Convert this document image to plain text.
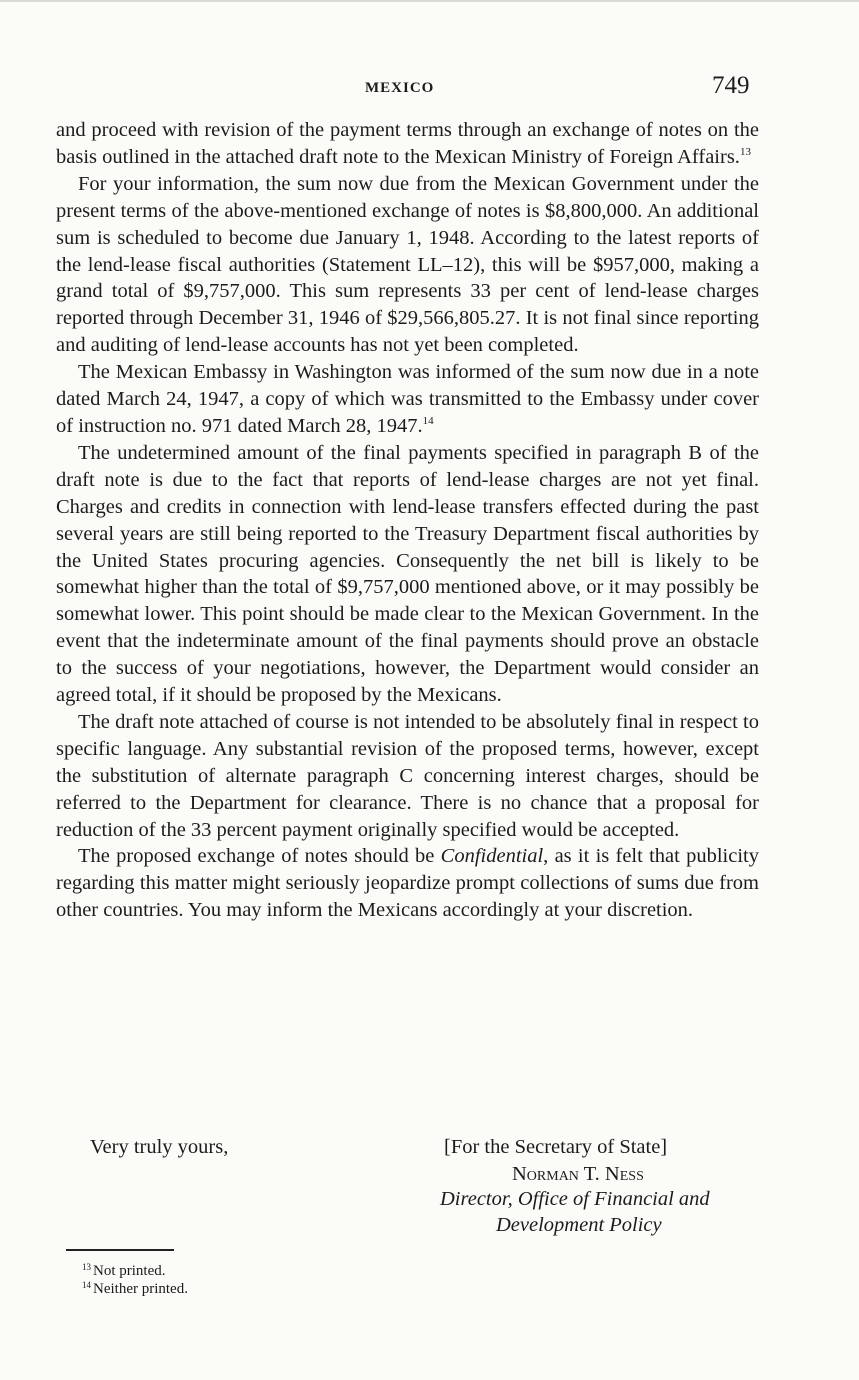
MEXICO	749

and proceed with revision of the payment terms through an exchange of notes on the basis outlined in the attached draft note to the Mexican Ministry of Foreign Affairs.$^{13}$

For your information, the sum now due from the Mexican Government under the present terms of the above-mentioned exchange of notes is $8,800,000. An additional sum is scheduled to become due January 1, 1948. According to the latest reports of the lend-lease fiscal authorities (Statement LL–12), this will be $957,000, making a grand total of $9,757,000. This sum represents 33 per cent of lend-lease charges reported through December 31, 1946 of $29,566,805.27. It is not final since reporting and auditing of lend-lease accounts has not yet been completed.

The Mexican Embassy in Washington was informed of the sum now due in a note dated March 24, 1947, a copy of which was transmitted to the Embassy under cover of instruction no. 971 dated March 28, 1947.14

The undetermined amount of the final payments specified in paragraph B of the draft note is due to the fact that reports of lend-lease charges are not yet final. Charges and credits in connection with lend-lease transfers effected during the past several years are still being reported to the Treasury Department fiscal authorities by the United States procuring agencies. Consequently the net bill is likely to be somewhat higher than the total of $9,757,000 mentioned above, or it may possibly be somewhat lower. This point should be made clear to the Mexican Government. In the event that the indeterminate amount of the final payments should prove an obstacle to the success of your negotiations, however, the Department would consider an agreed total, if it should be proposed by the Mexicans.

The draft note attached of course is not intended to be absolutely final in respect to specific language. Any substantial revision of the proposed terms, however, except the substitution of alternate paragraph C concerning interest charges, should be referred to the Department for clearance. There is no chance that a proposal for reduction of the 33 percent payment originally specified would be accepted.

The proposed exchange of notes should be Confidential, as it is felt that publicity regarding this matter might seriously jeopardize prompt collections of sums due from other countries. You may inform the Mexicans accordingly at your discretion.

Very truly yours,	[For the Secretary of State]
Norman T. Ness
Director, Office of Financial and
Development Policy
$^{13}$ Not printed.
$^{14}$ Neither printed.
